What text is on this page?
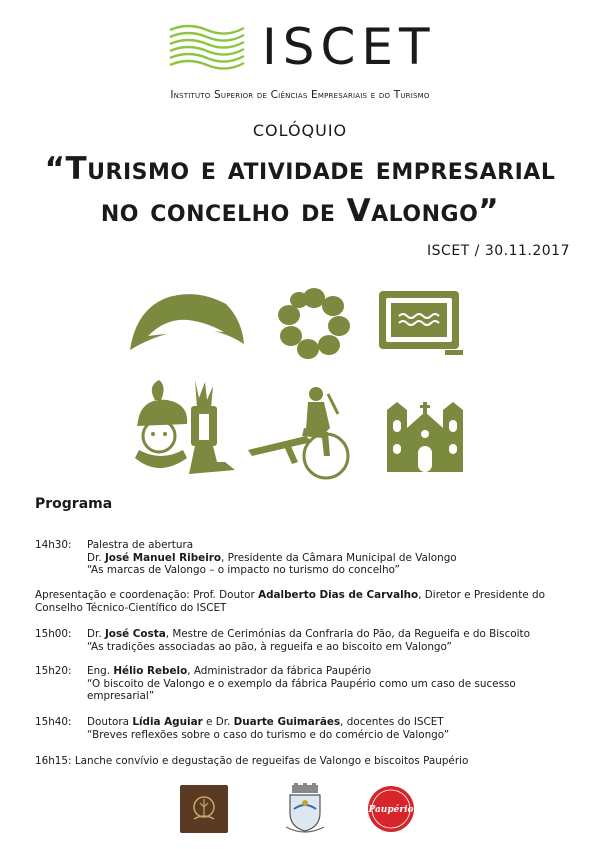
ISCET
Instituto Superior de Ciências Empresariais e do Turismo
COLÓQUIO
“Turismo e atividade empresarial
no concelho de Valongo”
ISCET / 30.11.2017
Programa
14h30: Palestra de abertura
Dr. José Manuel Ribeiro, Presidente da Câmara Municipal de Valongo
“As marcas de Valongo – o impacto no turismo do concelho”
Apresentação e coordenação: Prof. Doutor Adalberto Dias de Carvalho, Diretor e Presidente do
Conselho Técnico-Científico do ISCET
15h00: Dr. José Costa, Mestre de Cerimónias da Confraria do Pão, da Regueifa e do Biscoito
“As tradições associadas ao pão, à regueifa e ao biscoito em Valongo”
15h20: Eng. Hélio Rebelo, Administrador da fábrica Paupério
“O biscoito de Valongo e o exemplo da fábrica Paupério como um caso de sucesso
empresarial”
15h40: Doutora Lídia Aguiar e Dr. Duarte Guimarães, docentes do ISCET
“Breves reflexões sobre o caso do turismo e do comércio de Valongo”
16h15: Lanche convívio e degustação de regueifas de Valongo e biscoitos Paupério
Paupério
